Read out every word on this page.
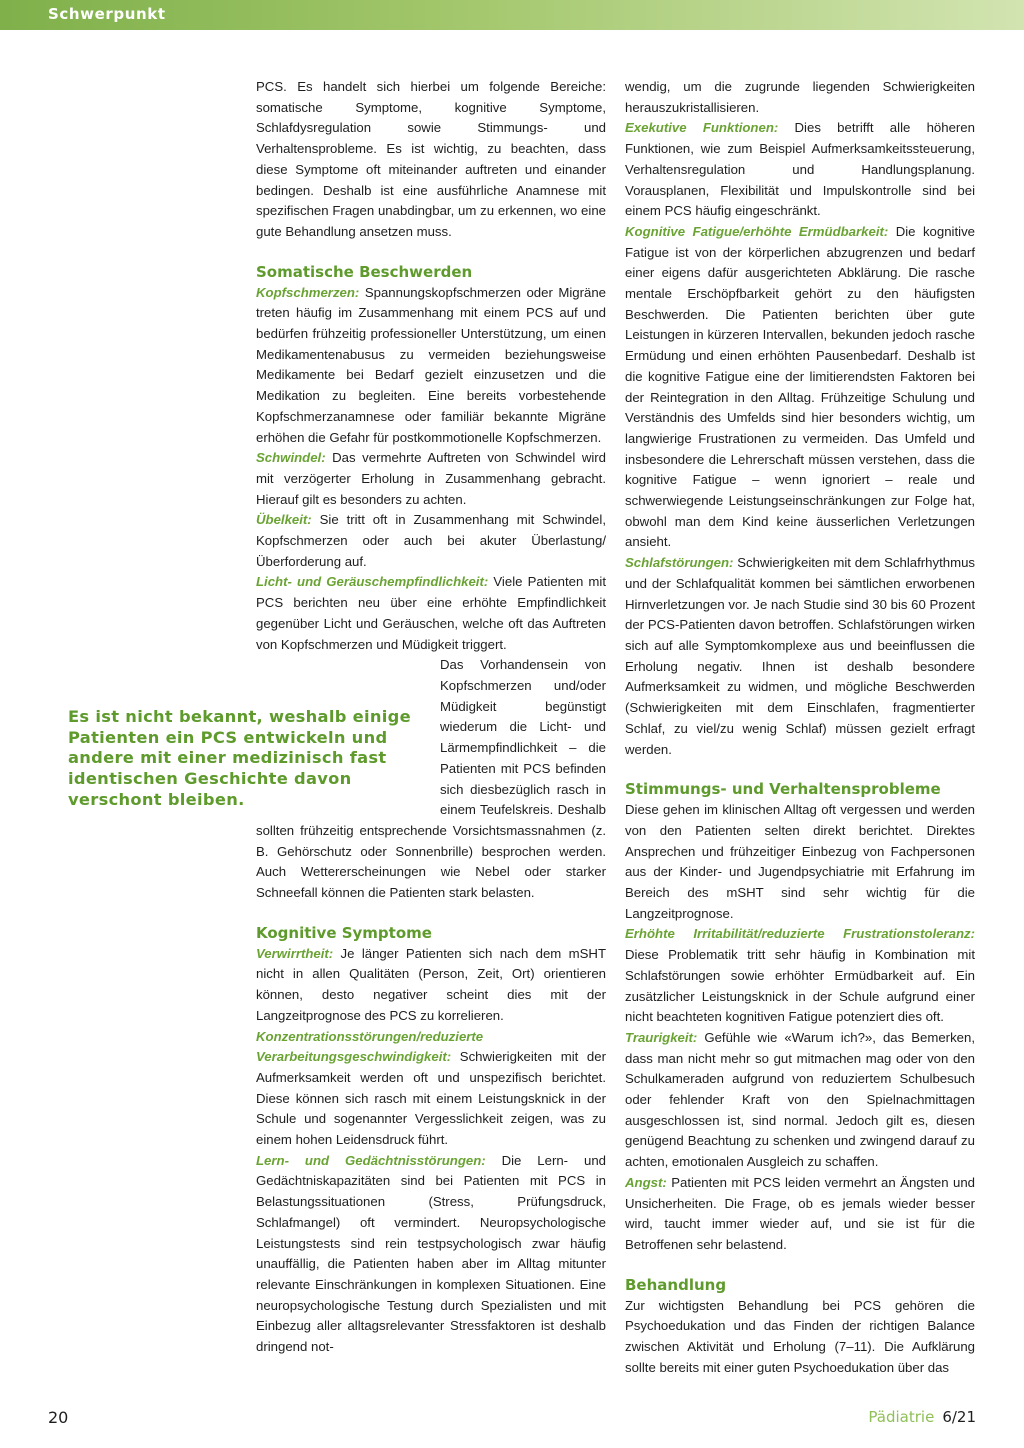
Schwerpunkt

PCS. Es handelt sich hierbei um folgende Bereiche: somatische Symptome, kognitive Symptome, Schlafdysregulation sowie Stimmungs- und Verhaltensprobleme. Es ist wichtig, zu beachten, dass diese Symptome oft miteinander auftreten und einander bedingen. Deshalb ist eine ausführliche Anamnese mit spezifischen Fragen unabdingbar, um zu erkennen, wo eine gute Behandlung ansetzen muss.

Somatische Beschwerden

Kopfschmerzen: Spannungskopfschmerzen oder Migräne treten häufig im Zusammenhang mit einem PCS auf und bedürfen frühzeitig professioneller Unterstützung, um einen Medikamentenabusus zu vermeiden beziehungsweise Medikamente bei Bedarf gezielt einzusetzen und die Medikation zu begleiten. Eine bereits vorbestehende Kopfschmerzanamnese oder familiär bekannte Migräne erhöhen die Gefahr für postkommotionelle Kopfschmerzen.

Schwindel: Das vermehrte Auftreten von Schwindel wird mit verzögerter Erholung in Zusammenhang gebracht. Hierauf gilt es besonders zu achten.

Übelkeit: Sie tritt oft in Zusammenhang mit Schwindel, Kopfschmerzen oder auch bei akuter Überlastung/Überforderung auf.

Licht- und Geräuschempfindlichkeit: Viele Patienten mit PCS berichten neu über eine erhöhte Empfindlichkeit gegenüber Licht und Geräuschen, welche oft das Auftreten von Kopfschmerzen und Müdigkeit triggert.

Das Vorhandensein von Kopfschmerzen und/oder Müdigkeit begünstigt wiederum die Licht- und Lärmempfindlichkeit – die Patienten mit PCS befinden sich diesbezüglich rasch in einem Teufelskreis. Deshalb sollten frühzeitig entsprechende Vorsichtsmassnahmen (z. B. Gehörschutz oder Sonnenbrille) besprochen werden. Auch Wettererscheinungen wie Nebel oder starker Schneefall können die Patienten stark belasten.

Kognitive Symptome

Verwirrtheit: Je länger Patienten sich nach dem mSHT nicht in allen Qualitäten (Person, Zeit, Ort) orientieren können, desto negativer scheint dies mit der Langzeitprognose des PCS zu korrelieren.

Konzentrationsstörungen/reduzierte Verarbeitungsgeschwindigkeit: Schwierigkeiten mit der Aufmerksamkeit werden oft und unspezifisch berichtet. Diese können sich rasch mit einem Leistungsknick in der Schule und sogenannter Vergesslichkeit zeigen, was zu einem hohen Leidensdruck führt.

Lern- und Gedächtnisstörungen: Die Lern- und Gedächtniskapazitäten sind bei Patienten mit PCS in Belastungssituationen (Stress, Prüfungsdruck, Schlafmangel) oft vermindert. Neuropsychologische Leistungstests sind rein testpsychologisch zwar häufig unauffällig, die Patienten haben aber im Alltag mitunter relevante Einschränkungen in komplexen Situationen. Eine neuropsychologische Testung durch Spezialisten und mit Einbezug aller alltagsrelevanter Stressfaktoren ist deshalb dringend not-

wendig, um die zugrunde liegenden Schwierigkeiten herauszukristallisieren.

Exekutive Funktionen: Dies betrifft alle höheren Funktionen, wie zum Beispiel Aufmerksamkeitssteuerung, Verhaltensregulation und Handlungsplanung. Vorausplanen, Flexibilität und Impulskontrolle sind bei einem PCS häufig eingeschränkt.

Kognitive Fatigue/erhöhte Ermüdbarkeit: Die kognitive Fatigue ist von der körperlichen abzugrenzen und bedarf einer eigens dafür ausgerichteten Abklärung. Die rasche mentale Erschöpfbarkeit gehört zu den häufigsten Beschwerden. Die Patienten berichten über gute Leistungen in kürzeren Intervallen, bekunden jedoch rasche Ermüdung und einen erhöhten Pausenbedarf. Deshalb ist die kognitive Fatigue eine der limitierendsten Faktoren bei der Reintegration in den Alltag. Frühzeitige Schulung und Verständnis des Umfelds sind hier besonders wichtig, um langwierige Frustrationen zu vermeiden. Das Umfeld und insbesondere die Lehrerschaft müssen verstehen, dass die kognitive Fatigue – wenn ignoriert – reale und schwerwiegende Leistungseinschränkungen zur Folge hat, obwohl man dem Kind keine äusserlichen Verletzungen ansieht.

Schlafstörungen: Schwierigkeiten mit dem Schlafrhythmus und der Schlafqualität kommen bei sämtlichen erworbenen Hirnverletzungen vor. Je nach Studie sind 30 bis 60 Prozent der PCS-Patienten davon betroffen. Schlafstörungen wirken sich auf alle Symptomkomplexe aus und beeinflussen die Erholung negativ. Ihnen ist deshalb besondere Aufmerksamkeit zu widmen, und mögliche Beschwerden (Schwierigkeiten mit dem Einschlafen, fragmentierter Schlaf, zu viel/zu wenig Schlaf) müssen gezielt erfragt werden.

Stimmungs- und Verhaltensprobleme

Diese gehen im klinischen Alltag oft vergessen und werden von den Patienten selten direkt berichtet. Direktes Ansprechen und frühzeitiger Einbezug von Fachpersonen aus der Kinder- und Jugendpsychiatrie mit Erfahrung im Bereich des mSHT sind sehr wichtig für die Langzeitprognose.

Erhöhte Irritabilität/reduzierte Frustrationstoleranz: Diese Problematik tritt sehr häufig in Kombination mit Schlafstörungen sowie erhöhter Ermüdbarkeit auf. Ein zusätzlicher Leistungsknick in der Schule aufgrund einer nicht beachteten kognitiven Fatigue potenziert dies oft.

Traurigkeit: Gefühle wie «Warum ich?», das Bemerken, dass man nicht mehr so gut mitmachen mag oder von den Schulkameraden aufgrund von reduziertem Schulbesuch oder fehlender Kraft von den Spielnachmittagen ausgeschlossen ist, sind normal. Jedoch gilt es, diesen genügend Beachtung zu schenken und zwingend darauf zu achten, emotionalen Ausgleich zu schaffen.

Angst: Patienten mit PCS leiden vermehrt an Ängsten und Unsicherheiten. Die Frage, ob es jemals wieder besser wird, taucht immer wieder auf, und sie ist für die Betroffenen sehr belastend.

Behandlung

Zur wichtigsten Behandlung bei PCS gehören die Psychoedukation und das Finden der richtigen Balance zwischen Aktivität und Erholung (7–11). Die Aufklärung sollte bereits mit einer guten Psychoedukation über das

Es ist nicht bekannt, weshalb einige Patienten ein PCS entwickeln und andere mit einer medizinisch fast identischen Geschichte davon verschont bleiben.
20	Pädiatrie 6/21
